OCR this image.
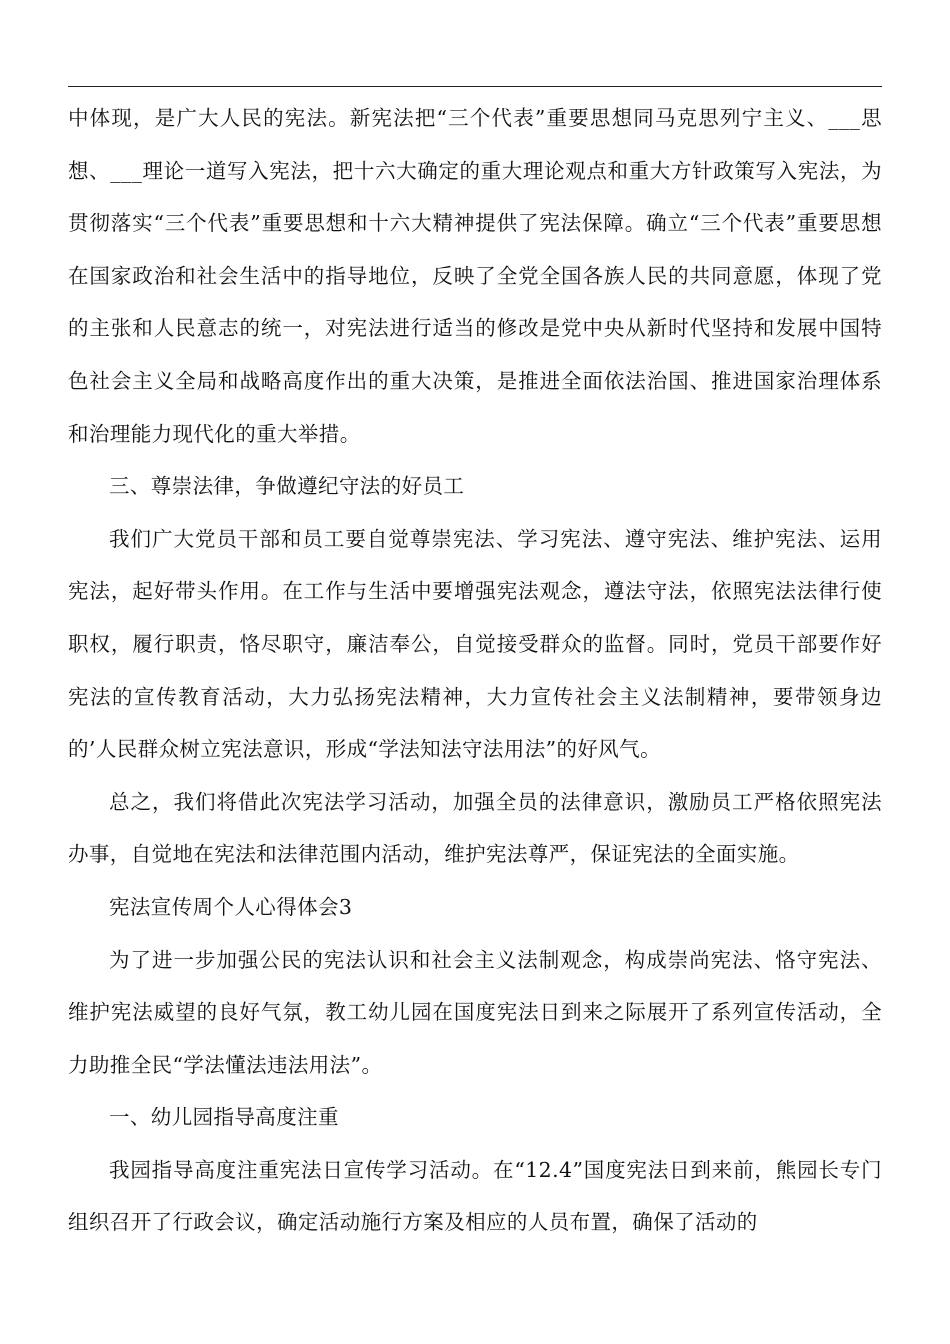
中体现，是广大人民的宪法。新宪法把“三个代表”重要思想同马克思列宁主义、___思想、___理论一道写入宪法，把十六大确定的重大理论观点和重大方针政策写入宪法，为贯彻落实“三个代表”重要思想和十六大精神提供了宪法保障。确立“三个代表”重要思想在国家政治和社会生活中的指导地位，反映了全党全国各族人民的共同意愿，体现了党的主张和人民意志的统一，对宪法进行适当的修改是党中央从新时代坚持和发展中国特色社会主义全局和战略高度作出的重大决策，是推进全面依法治国、推进国家治理体系和治理能力现代化的重大举措。

三、尊崇法律，争做遵纪守法的好员工

我们广大党员干部和员工要自觉尊崇宪法、学习宪法、遵守宪法、维护宪法、运用宪法，起好带头作用。在工作与生活中要增强宪法观念，遵法守法，依照宪法法律行使职权，履行职责，恪尽职守，廉洁奉公，自觉接受群众的监督。同时，党员干部要作好宪法的宣传教育活动，大力弘扬宪法精神，大力宣传社会主义法制精神，要带领身边的’人民群众树立宪法意识，形成“学法知法守法用法”的好风气。

总之，我们将借此次宪法学习活动，加强全员的法律意识，激励员工严格依照宪法办事，自觉地在宪法和法律范围内活动，维护宪法尊严，保证宪法的全面实施。

宪法宣传周个人心得体会3

为了进一步加强公民的宪法认识和社会主义法制观念，构成崇尚宪法、恪守宪法、维护宪法威望的良好气氛，教工幼儿园在国度宪法日到来之际展开了系列宣传活动，全力助推全民“学法懂法违法用法”。

一、幼儿园指导高度注重

我园指导高度注重宪法日宣传学习活动。在“12.4”国度宪法日到来前，熊园长专门组织召开了行政会议，确定活动施行方案及相应的人员布置，确保了活动的
